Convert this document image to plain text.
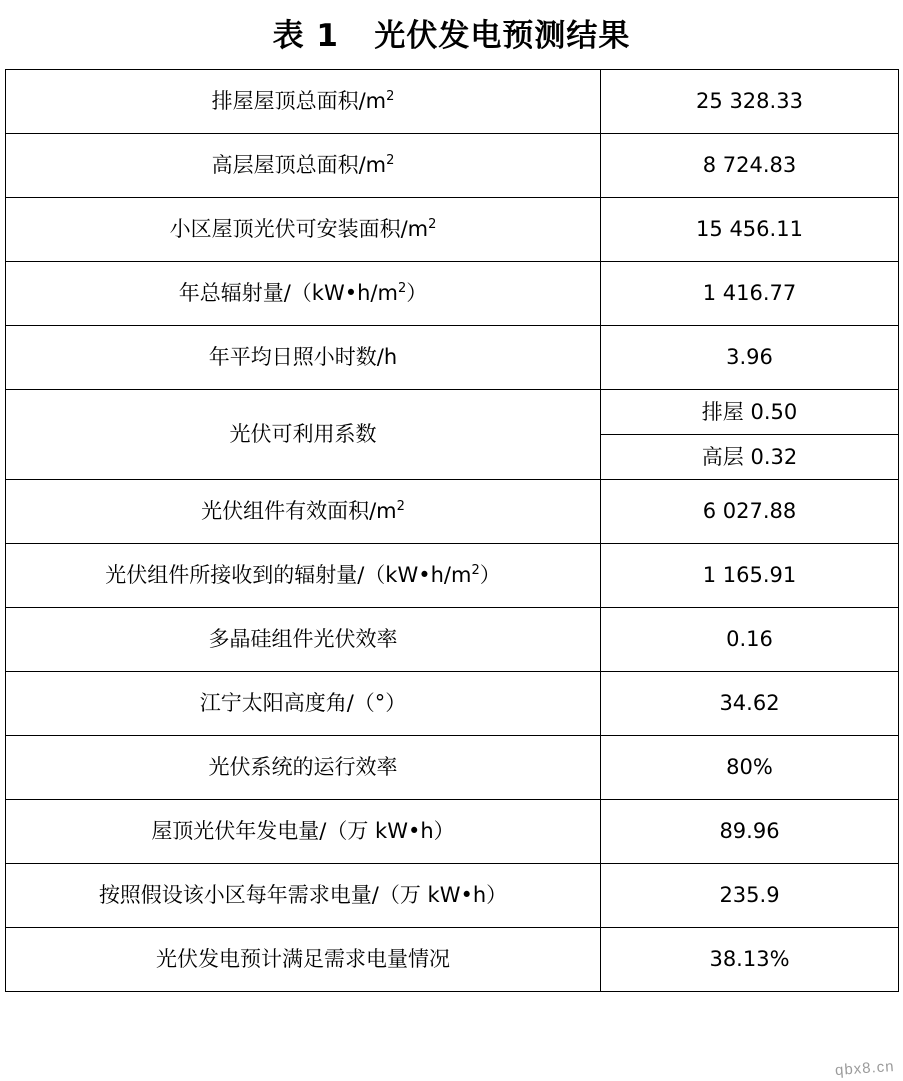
表 1   光伏发电预测结果
排屋屋顶总面积$/m^2$	25 328.33
高层屋顶总面积$/m^2$	8 724.83
小区屋顶光伏可安装面积$/m^2$	15 456.11
年总辐射量$/(kW•h/m^2)$	1 416.77
年平均日照小时数/h	3.96
光伏可利用系数	排屋 0.50
	高层 0.32
光伏组件有效面积$/m^2$	6 027.88
光伏组件所接收到的辐射量$/(kW•h/m^2)$	1 165.91
多晶硅组件光伏效率	0.16
江宁太阳高度角/（°）	34.62
光伏系统的运行效率	80%
屋顶光伏年发电量/（万 kW•h）	89.96
按照假设该小区每年需求电量/（万 kW•h）	235.9
光伏发电预计满足需求电量情况	38.13%
qbx8.cn
